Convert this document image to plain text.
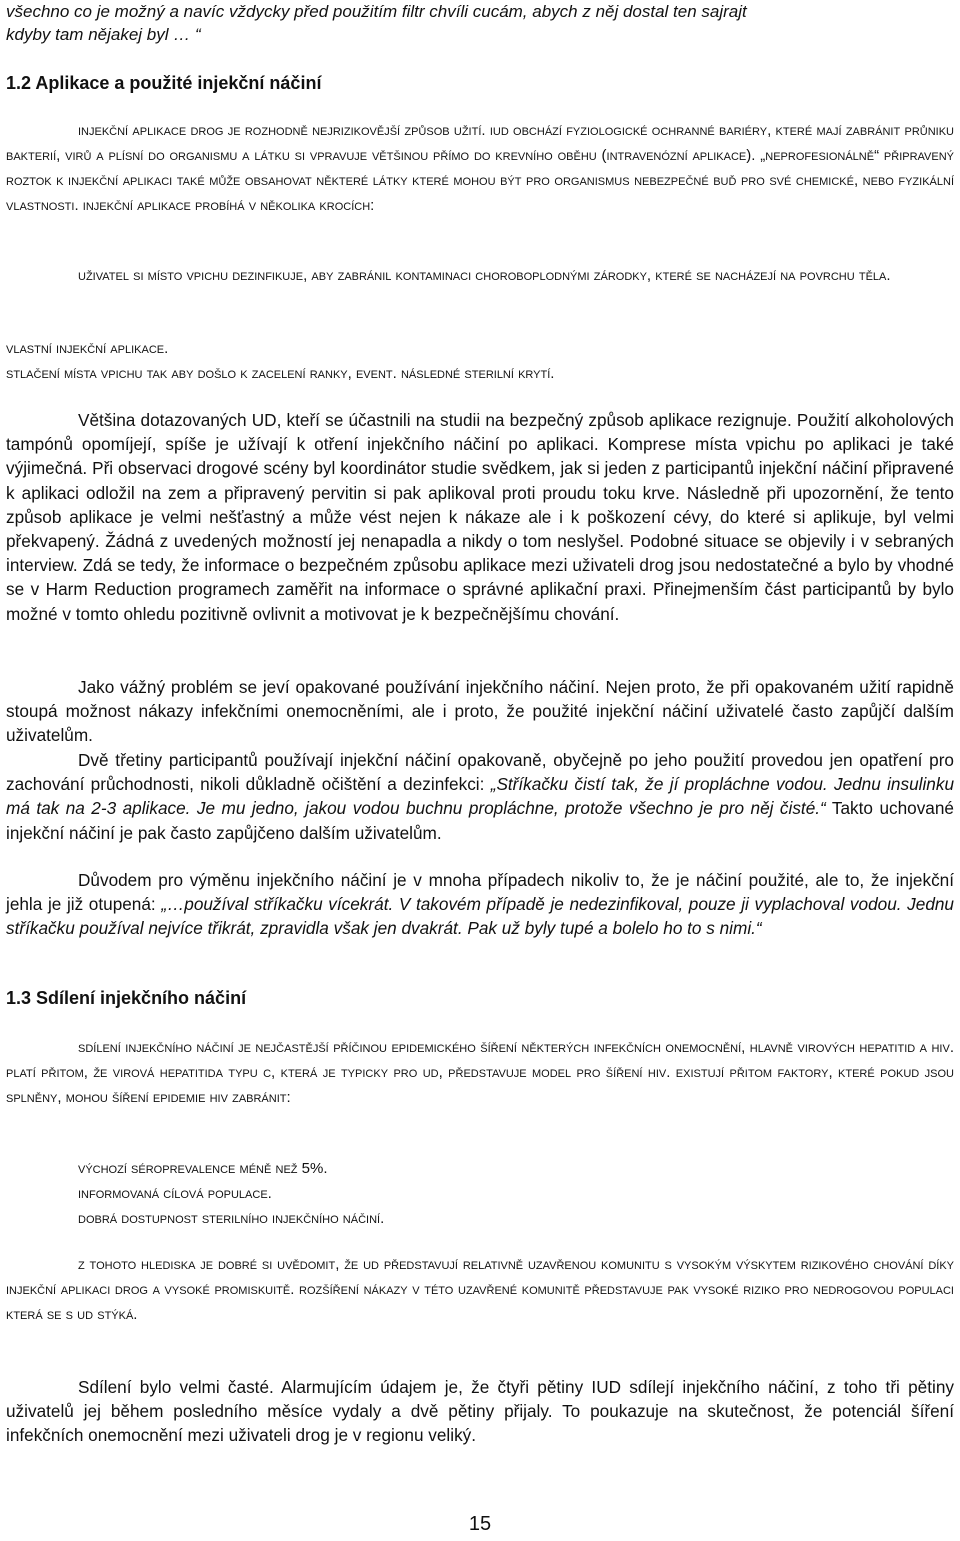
všechno co je možný a navíc vždycky před použitím filtr chvíli cucám, abych z něj dostal ten sajrajt

kdyby tam nějakej byl … “

1.2 Aplikace a použité injekční náčiní

injekční aplikace drog je rozhodně nejrizikovější způsob užití. iud obchází fyziologické ochranné bariéry, které mají zabránit průniku bakterií, virů a plísní do organismu a látku si vpravuje většinou přímo do krevního oběhu (intravenózní aplikace). „neprofesionálně“ připravený roztok k injekční aplikaci také může obsahovat některé látky které mohou být pro organismus nebezpečné buď pro své chemické, nebo fyzikální vlastnosti. injekční aplikace probíhá v několika krocích:

uživatel si místo vpichu dezinfikuje, aby zabránil kontaminaci choroboplodnými zárodky, které se nacházejí na povrchu těla.

vlastní injekční aplikace.

stlačení místa vpichu tak aby došlo k zacelení ranky, event. následné sterilní krytí.

Většina dotazovaných UD, kteří se účastnili na studii na bezpečný způsob aplikace rezignuje. Použití alkoholových tampónů opomíjejí, spíše je užívají k otření injekčního náčiní po aplikaci. Komprese místa vpichu po aplikaci je také výjimečná. Při observaci drogové scény byl koordinátor studie svědkem, jak si jeden z participantů injekční náčiní připravené k aplikaci odložil na zem a připravený pervitin si pak aplikoval proti proudu toku krve. Následně při upozornění, že tento způsob aplikace je velmi nešťastný a může vést nejen k nákaze ale i k poškození cévy, do které si aplikuje, byl velmi překvapený. Žádná z uvedených možností jej nenapadla a nikdy o tom neslyšel. Podobné situace se objevily i v sebraných interview. Zdá se tedy, že informace o bezpečném způsobu aplikace mezi uživateli drog jsou nedostatečné a bylo by vhodné se v Harm Reduction programech zaměřit na informace o správné aplikační praxi. Přinejmenším část participantů by bylo možné v tomto ohledu pozitivně ovlivnit a motivovat je k bezpečnějšímu chování.

Jako vážný problém se jeví opakované používání injekčního náčiní. Nejen proto, že při opakovaném užití rapidně stoupá možnost nákazy infekčními onemocněními, ale i proto, že použité injekční náčiní uživatelé často zapůjčí dalším uživatelům.

Dvě třetiny participantů používají injekční náčiní opakovaně, obyčejně po jeho použití provedou jen opatření pro zachování průchodnosti, nikoli důkladně očištění a dezinfekci: „Stříkačku čistí tak, že jí propláchne vodou. Jednu insulinku má tak na 2-3 aplikace. Je mu jedno, jakou vodou buchnu propláchne, protože všechno je pro něj čisté.“ Takto uchované injekční náčiní je pak často zapůjčeno dalším uživatelům.

Důvodem pro výměnu injekčního náčiní je v mnoha případech nikoliv to, že je náčiní použité, ale to, že injekční jehla je již otupená: „…používal stříkačku vícekrát. V takovém případě je nedezinfikoval, pouze ji vyplachoval vodou. Jednu stříkačku používal nejvíce třikrát, zpravidla však jen dvakrát. Pak už byly tupé a bolelo ho to s nimi.“

1.3 Sdílení injekčního náčiní

sdílení injekčního náčiní je nejčastější příčinou epidemického šíření některých infekčních onemocnění, hlavně virových hepatitid a hiv. platí přitom, že virová hepatitida typu c, která je typicky pro ud, představuje model pro šíření hiv. existují přitom faktory, které pokud jsou splněny, mohou šíření epidemie hiv zabránit:

výchozí séroprevalence méně než 5%.

informovaná cílová populace.

dobrá dostupnost sterilního injekčního náčiní.

z tohoto hlediska je dobré si uvědomit, že ud představují relativně uzavřenou komunitu s vysokým výskytem rizikového chování díky injekční aplikaci drog a vysoké promiskuitě. rozšíření nákazy v této uzavřené komunitě představuje pak vysoké riziko pro nedrogovou populaci která se s ud stýká.

Sdílení bylo velmi časté. Alarmujícím údajem je, že čtyři pětiny IUD sdílejí injekčního náčiní, z toho tři pětiny uživatelů jej během posledního měsíce vydaly a dvě pětiny přijaly. To poukazuje na skutečnost, že potenciál šíření infekčních onemocnění mezi uživateli drog je v regionu veliký.

15
